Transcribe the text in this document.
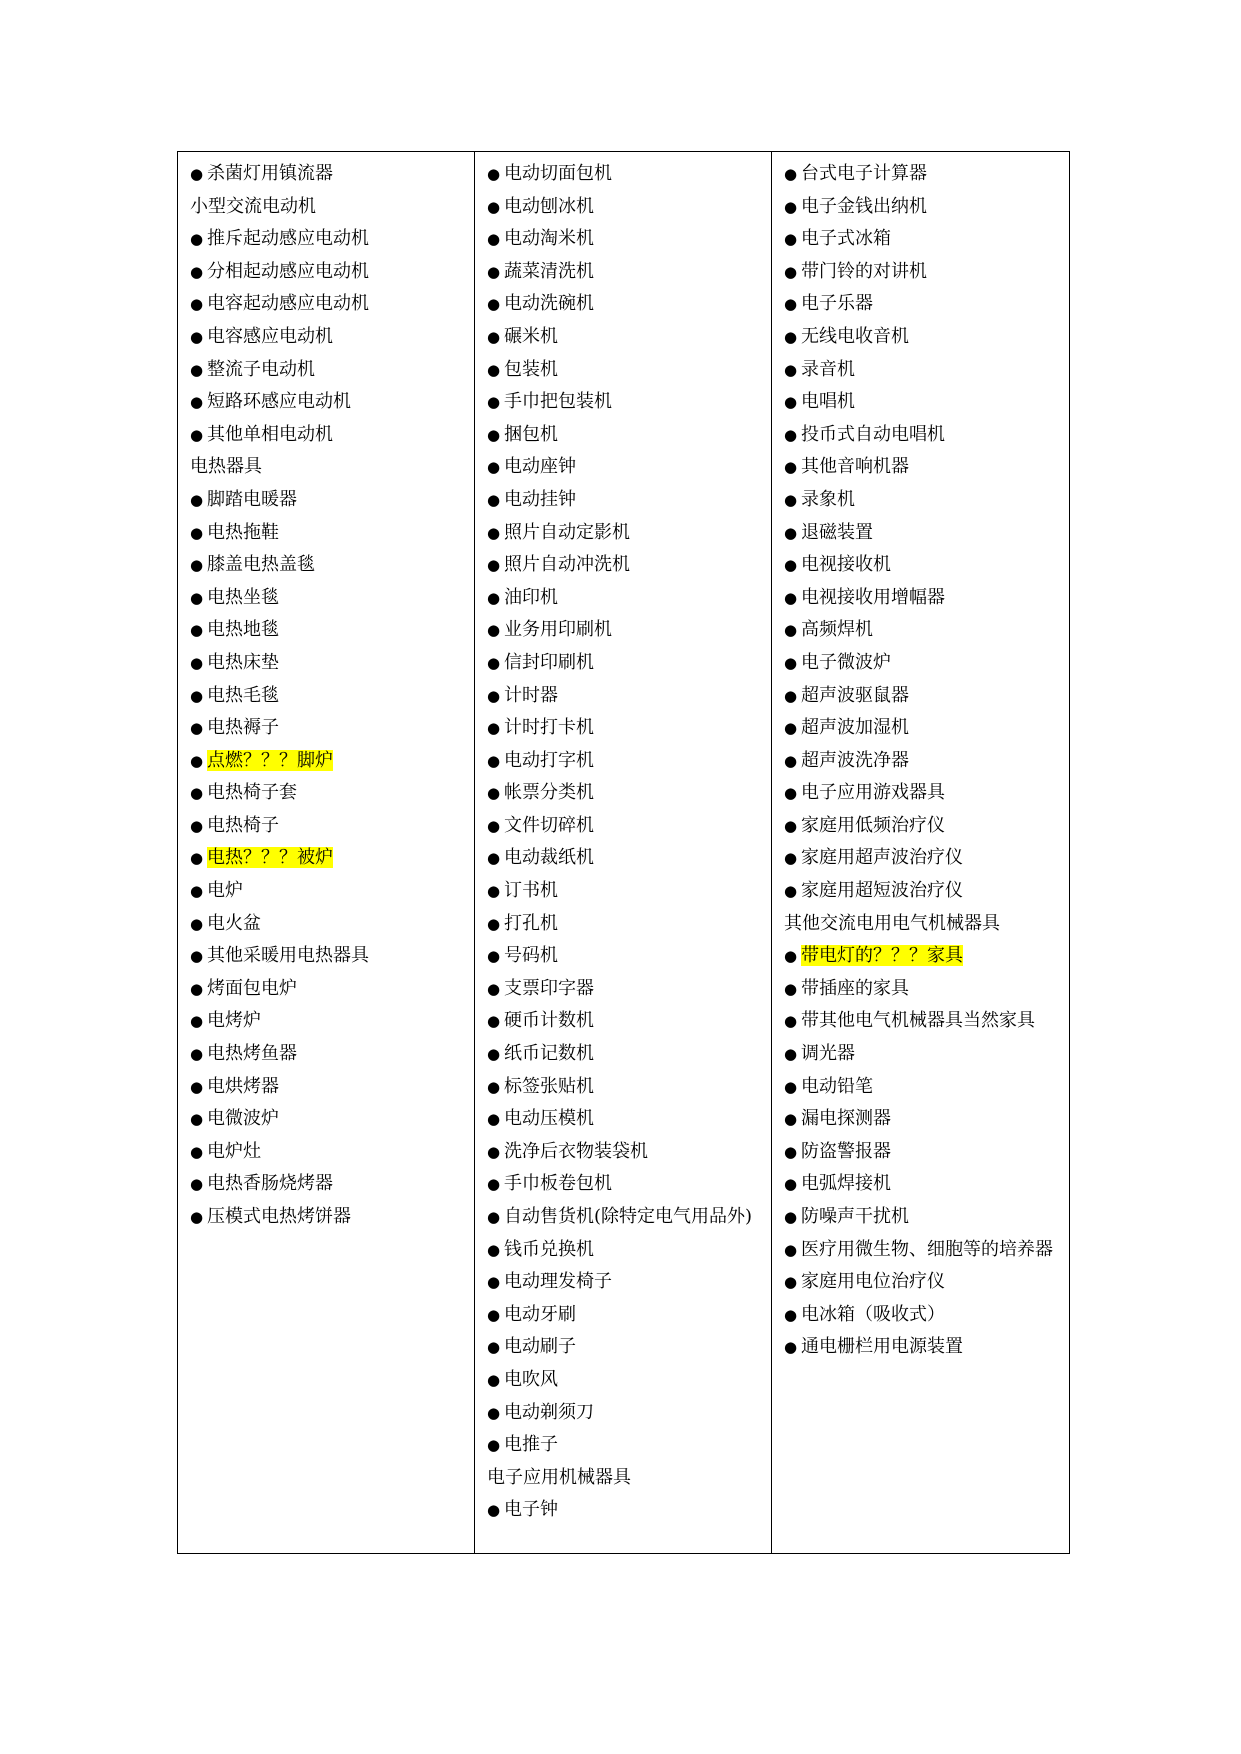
● 杀菌灯用镇流器
小型交流电动机
● 推斥起动感应电动机
● 分相起动感应电动机
● 电容起动感应电动机
● 电容感应电动机
● 整流子电动机
● 短路环感应电动机
● 其他单相电动机
电热器具
● 脚踏电暖器
● 电热拖鞋
● 膝盖电热盖毯
● 电热坐毯
● 电热地毯
● 电热床垫
● 电热毛毯
● 电热褥子
● 点燃？？？脚炉
● 电热椅子套
● 电热椅子
● 电热？？？被炉
● 电炉
● 电火盆
● 其他采暖用电热器具
● 烤面包电炉
● 电烤炉
● 电热烤鱼器
● 电烘烤器
● 电微波炉
● 电炉灶
● 电热香肠烧烤器
● 压模式电热烤饼器

● 电动切面包机
● 电动刨冰机
● 电动淘米机
● 蔬菜清洗机
● 电动洗碗机
● 碾米机
● 包装机
● 手巾把包装机
● 捆包机
● 电动座钟
● 电动挂钟
● 照片自动定影机
● 照片自动冲洗机
● 油印机
● 业务用印刷机
● 信封印刷机
● 计时器
● 计时打卡机
● 电动打字机
● 帐票分类机
● 文件切碎机
● 电动裁纸机
● 订书机
● 打孔机
● 号码机
● 支票印字器
● 硬币计数机
● 纸币记数机
● 标签张贴机
● 电动压模机
● 洗净后衣物装袋机
● 手巾板卷包机
● 自动售货机(除特定电气用品外)
● 钱币兑换机
● 电动理发椅子
● 电动牙刷
● 电动刷子
● 电吹风
● 电动剃须刀
● 电推子
电子应用机械器具
● 电子钟

● 台式电子计算器
● 电子金钱出纳机
● 电子式冰箱
● 带门铃的对讲机
● 电子乐器
● 无线电收音机
● 录音机
● 电唱机
● 投币式自动电唱机
● 其他音响机器
● 录象机
● 退磁装置
● 电视接收机
● 电视接收用增幅器
● 高频焊机
● 电子微波炉
● 超声波驱鼠器
● 超声波加湿机
● 超声波洗净器
● 电子应用游戏器具
● 家庭用低频治疗仪
● 家庭用超声波治疗仪
● 家庭用超短波治疗仪
其他交流电用电气机械器具
● 带电灯的？？？家具
● 带插座的家具
● 带其他电气机械器具当然家具
● 调光器
● 电动铅笔
● 漏电探测器
● 防盗警报器
● 电弧焊接机
● 防噪声干扰机
● 医疗用微生物、细胞等的培养器
● 家庭用电位治疗仪
● 电冰箱（吸收式）
● 通电栅栏用电源装置
